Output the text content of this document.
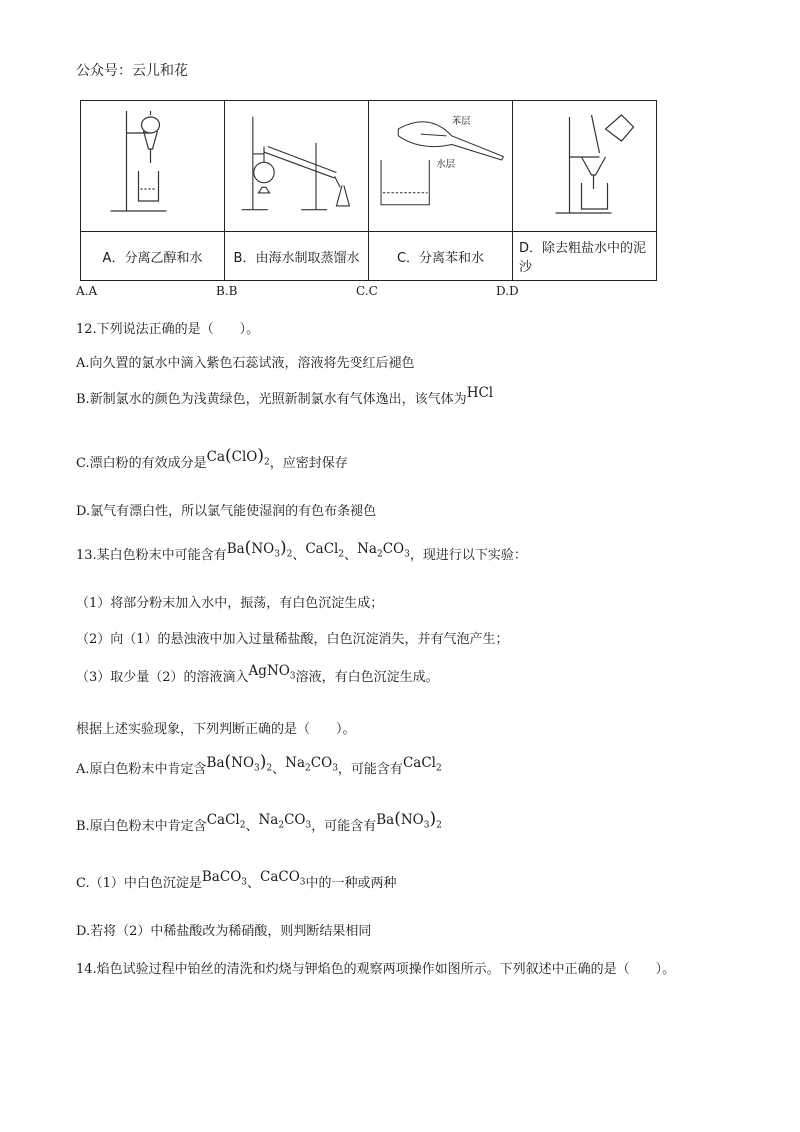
公众号：云儿和花

苯层
水层

A．分离乙醇和水	B．由海水制取蒸馏水	C．分离苯和水	D．除去粗盐水中的泥沙
A.A	B.B	C.C	D.D
12.下列说法正确的是（　　）。
A.向久置的氯水中滴入紫色石蕊试液，溶液将先变红后褪色
B.新制氯水的颜色为浅黄绿色，光照新制氯水有气体逸出，该气体为HCl
C.漂白粉的有效成分是$Ca(ClO)_2$，应密封保存
D.氯气有漂白性，所以氯气能使湿润的有色布条褪色
13.某白色粉末中可能含有$Ba(NO_3)_2$、CaCl$_2$、$Na_2CO_3$，现进行以下实验：
（1）将部分粉末加入水中，振荡，有白色沉淀生成；
（2）向（1）的悬浊液中加入过量稀盐酸，白色沉淀消失，并有气泡产生；
（3）取少量（2）的溶液滴入AgNO$_3$溶液，有白色沉淀生成。
根据上述实验现象，下列判断正确的是（　　）。
A.原白色粉末中肯定含$Ba(NO_3)_2$、$Na_2CO_3$，可能含有CaCl$_2$
B.原白色粉末中肯定含CaCl$_2$、$Na_2CO_3$，可能含有$Ba(NO_3)_2$
C.（1）中白色沉淀是BaCO$_3$、CaCO$_3$中的一种或两种
D.若将（2）中稀盐酸改为稀硝酸，则判断结果相同
14.焰色试验过程中铂丝的清洗和灼烧与钾焰色的观察两项操作如图所示。下列叙述中正确的是（　　）。
